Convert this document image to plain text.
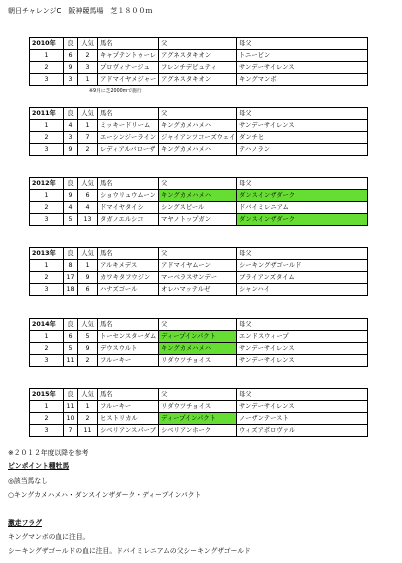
朝日チャレンジC　阪神競馬場　芝１８００ｍ
2010年	良	人気	馬名	父	母父
1	6	2	キャプテントゥーレ	アグネスタキオン	トニービン
2	9	3	プロヴィナージュ	フレンチデピュティ	サンデーサイレンス
3	3	1	アドマイヤメジャー	アグネスタキオン	キングマンボ
※9月に芝2000mで施行
2011年	良	人気	馬名	父	母父
1	4	1	ミッキードリーム	キングカメハメハ	サンデーサイレンス
2	3	7	エーシンジーライン	ジャイアンツコーズウェイ	ダンチヒ
3	9	2	レディアルバローザ	キングカメハメハ	テハノラン
2012年	良	人気	馬名	父	母父
1	9	6	ショウリュウムーン	キングカメハメハ	ダンスインザダーク
2	4	4	ドマイヤタイシ	シングスピール	ドバイミレニアム
3	5	13	タガノエルシコ	マヤノトップガン	ダンスインザダーク
2013年	良	人気	馬名	父	母父
1	8	1	アルキメデス	アドマイヤムーン	シーキングザゴールド
2	17	9	カワキタフウジン	マーベラスサンデー	ブライアンズタイム
3	18	6	ハナズゴール	オレハマッテルゼ	シャンハイ
2014年	良	人気	馬名	父	母父
1	6	5	トーセンスターダム	ディープインパクト	エンドスウィープ
2	5	9	デウスウルト	キングカメハメハ	サンデーサイレンス
3	11	2	フルーキー	リダウツチョイス	サンデーサイレンス
2015年	良	人気	馬名	父	母父
1	11	1	フルーキー	リダウツチョイス	サンデーサイレンス
2	10	2	ヒストリカル	ディープインパクト	ノーザンテースト
3	7	11	シベリアンスパーブ	シベリアンホーク	ウィズアポロヴァル
※２０１２年度以降を参考
ピンポイント種牡馬
◎該当馬なし
○キングカメハメハ・ダンスインザダーク・ディープインパクト
激走フラグ
キングマンボの血に注目。
シーキングザゴールドの血に注目。ドバイミレニアムの父シーキングザゴールド
